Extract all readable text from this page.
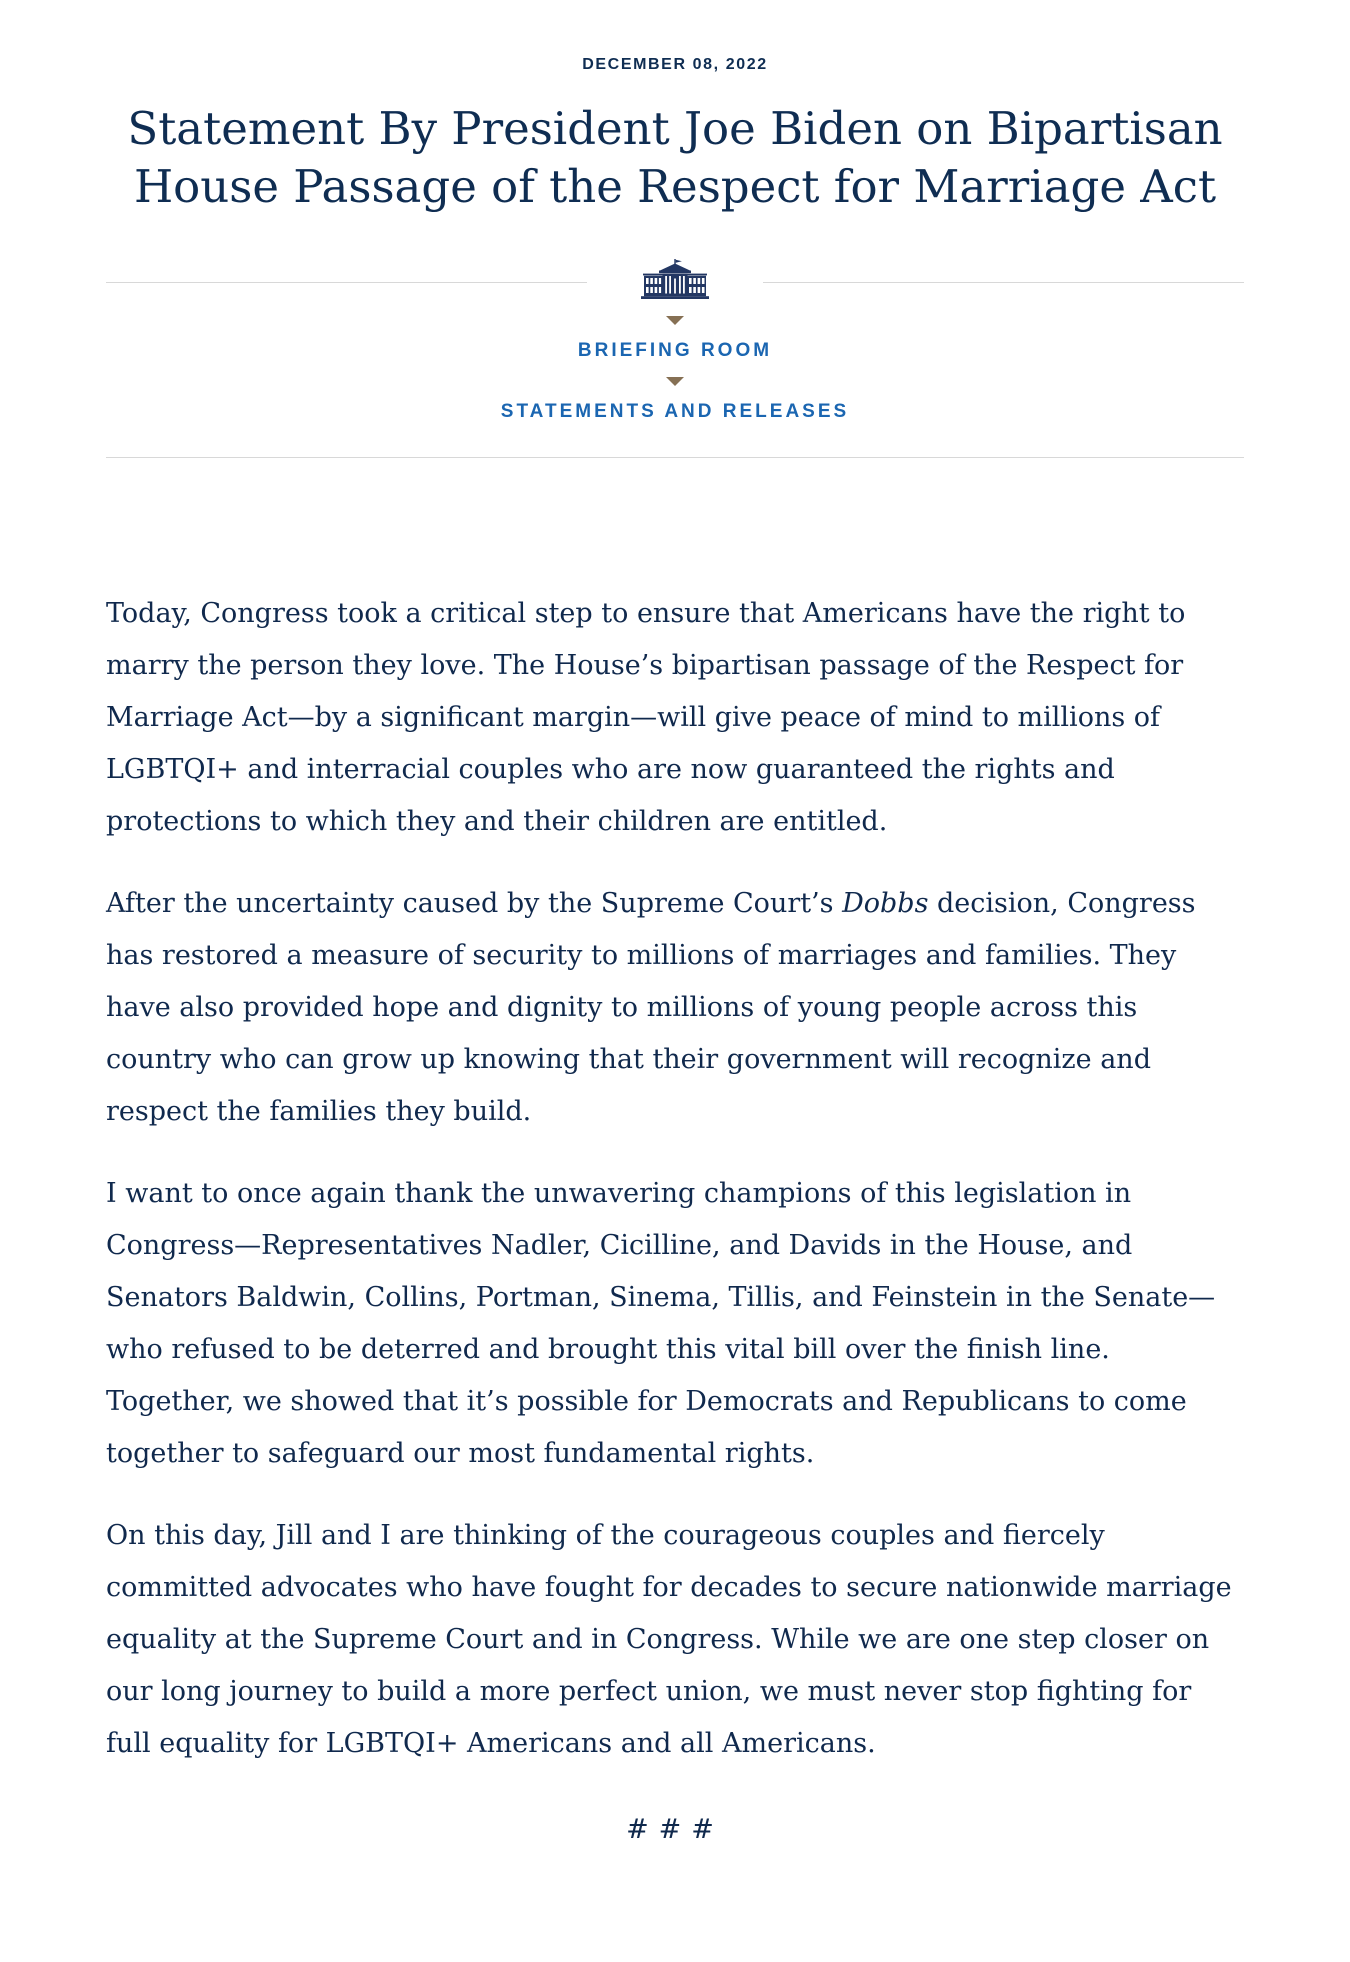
DECEMBER 08, 2022
Statement By President Joe Biden on Bipartisan
House Passage of the Respect for Marriage Act
BRIEFING ROOM
STATEMENTS AND RELEASES

Today, Congress took a critical step to ensure that Americans have the right to marry the person they love. The House’s bipartisan passage of the Respect for Marriage Act—by a significant margin—will give peace of mind to millions of LGBTQI+ and interracial couples who are now guaranteed the rights and protections to which they and their children are entitled.

After the uncertainty caused by the Supreme Court’s Dobbs decision, Congress has restored a measure of security to millions of marriages and families. They have also provided hope and dignity to millions of young people across this country who can grow up knowing that their government will recognize and respect the families they build.

I want to once again thank the unwavering champions of this legislation in Congress—Representatives Nadler, Cicilline, and Davids in the House, and Senators Baldwin, Collins, Portman, Sinema, Tillis, and Feinstein in the Senate—who refused to be deterred and brought this vital bill over the finish line. Together, we showed that it’s possible for Democrats and Republicans to come together to safeguard our most fundamental rights.

On this day, Jill and I are thinking of the courageous couples and fiercely committed advocates who have fought for decades to secure nationwide marriage equality at the Supreme Court and in Congress. While we are one step closer on our long journey to build a more perfect union, we must never stop fighting for full equality for LGBTQI+ Americans and all Americans.

###
